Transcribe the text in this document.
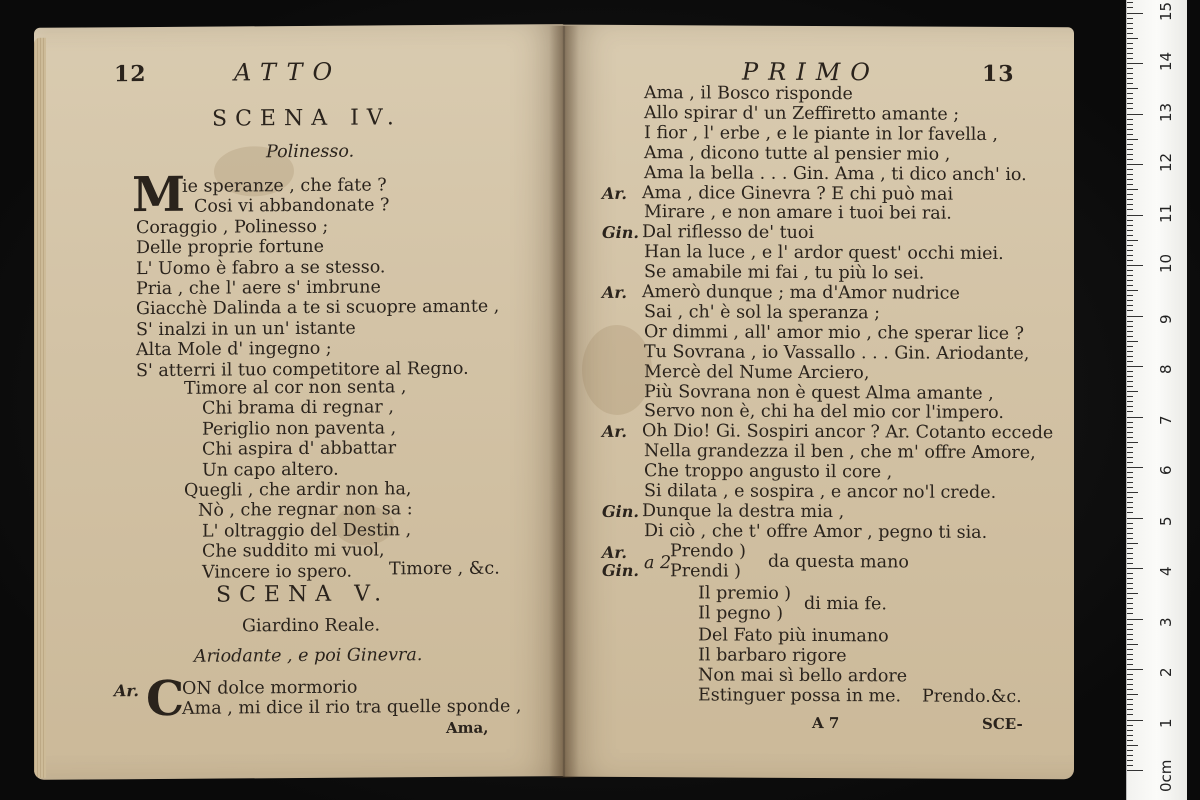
12	ATTO
SCENA IV.
Polinesso.
M
ie speranze , che fate ?
Cosi vi abbandonate ?
Coraggio , Polinesso ;
Delle proprie fortune
L' Uomo è fabro a se stesso.
Pria , che l' aere s' imbrune
Giacchè Dalinda a te si scuopre amante ,
S' inalzi in un un' istante
Alta Mole d' ingegno ;
S' atterri il tuo competitore al Regno.
Timore al cor non senta ,
Chi brama di regnar ,
Periglio non paventa ,
Chi aspira d' abbattar
Un capo altero.
Quegli , che ardir non ha,
Nò , che regnar non sa :
L' oltraggio del Destin ,
Che suddito mi vuol,
Vincere io spero. Timore , &c.
SCENA V.
Giardino Reale.
Ariodante , e poi Ginevra.
Ar. C
ON dolce mormorio
Ama , mi dice il rio tra quelle sponde ,
Ama,
PRIMO	13
Ama , il Bosco risponde
Allo spirar d' un Zeffiretto amante ;
I fior , l' erbe , e le piante in lor favella ,
Ama , dicono tutte al pensier mio ,
Ama la bella . . . Gin. Ama , ti dico anch' io.
Ar. Ama , dice Ginevra ? E chi può mai
Mirare , e non amare i tuoi bei rai.
Gin. Dal riflesso de' tuoi
Han la luce , e l' ardor quest' occhi miei.
Se amabile mi fai , tu più lo sei.
Ar. Amerò dunque ; ma d'Amor nudrice
Sai , ch' è sol la speranza ;
Or dimmi , all' amor mio , che sperar lice ?
Tu Sovrana , io Vassallo . . . Gin. Ariodante,
Mercè del Nume Arciero,
Più Sovrana non è quest Alma amante ,
Servo non è, chi ha del mio cor l'impero.
Ar. Oh Dio! Gi. Sospiri ancor ? Ar. Cotanto eccede
Nella grandezza il ben , che m' offre Amore,
Che troppo angusto il core ,
Si dilata , e sospira , e ancor no'l crede.
Gin. Dunque la destra mia ,
Di ciò , che t' offre Amor , pegno ti sia.
Ar.
Gin. a 2
Prendo )
Prendi ) da questa mano
Il premio )
Il pegno ) di mia fe.
Del Fato più inumano
Il barbaro rigore
Non mai sì bello ardore
Estinguer possa in me. Prendo.&c.
A 7	SCE-
0cm
1
2
3
4
5
6
7
8
9
10
11
12
13
14
15
